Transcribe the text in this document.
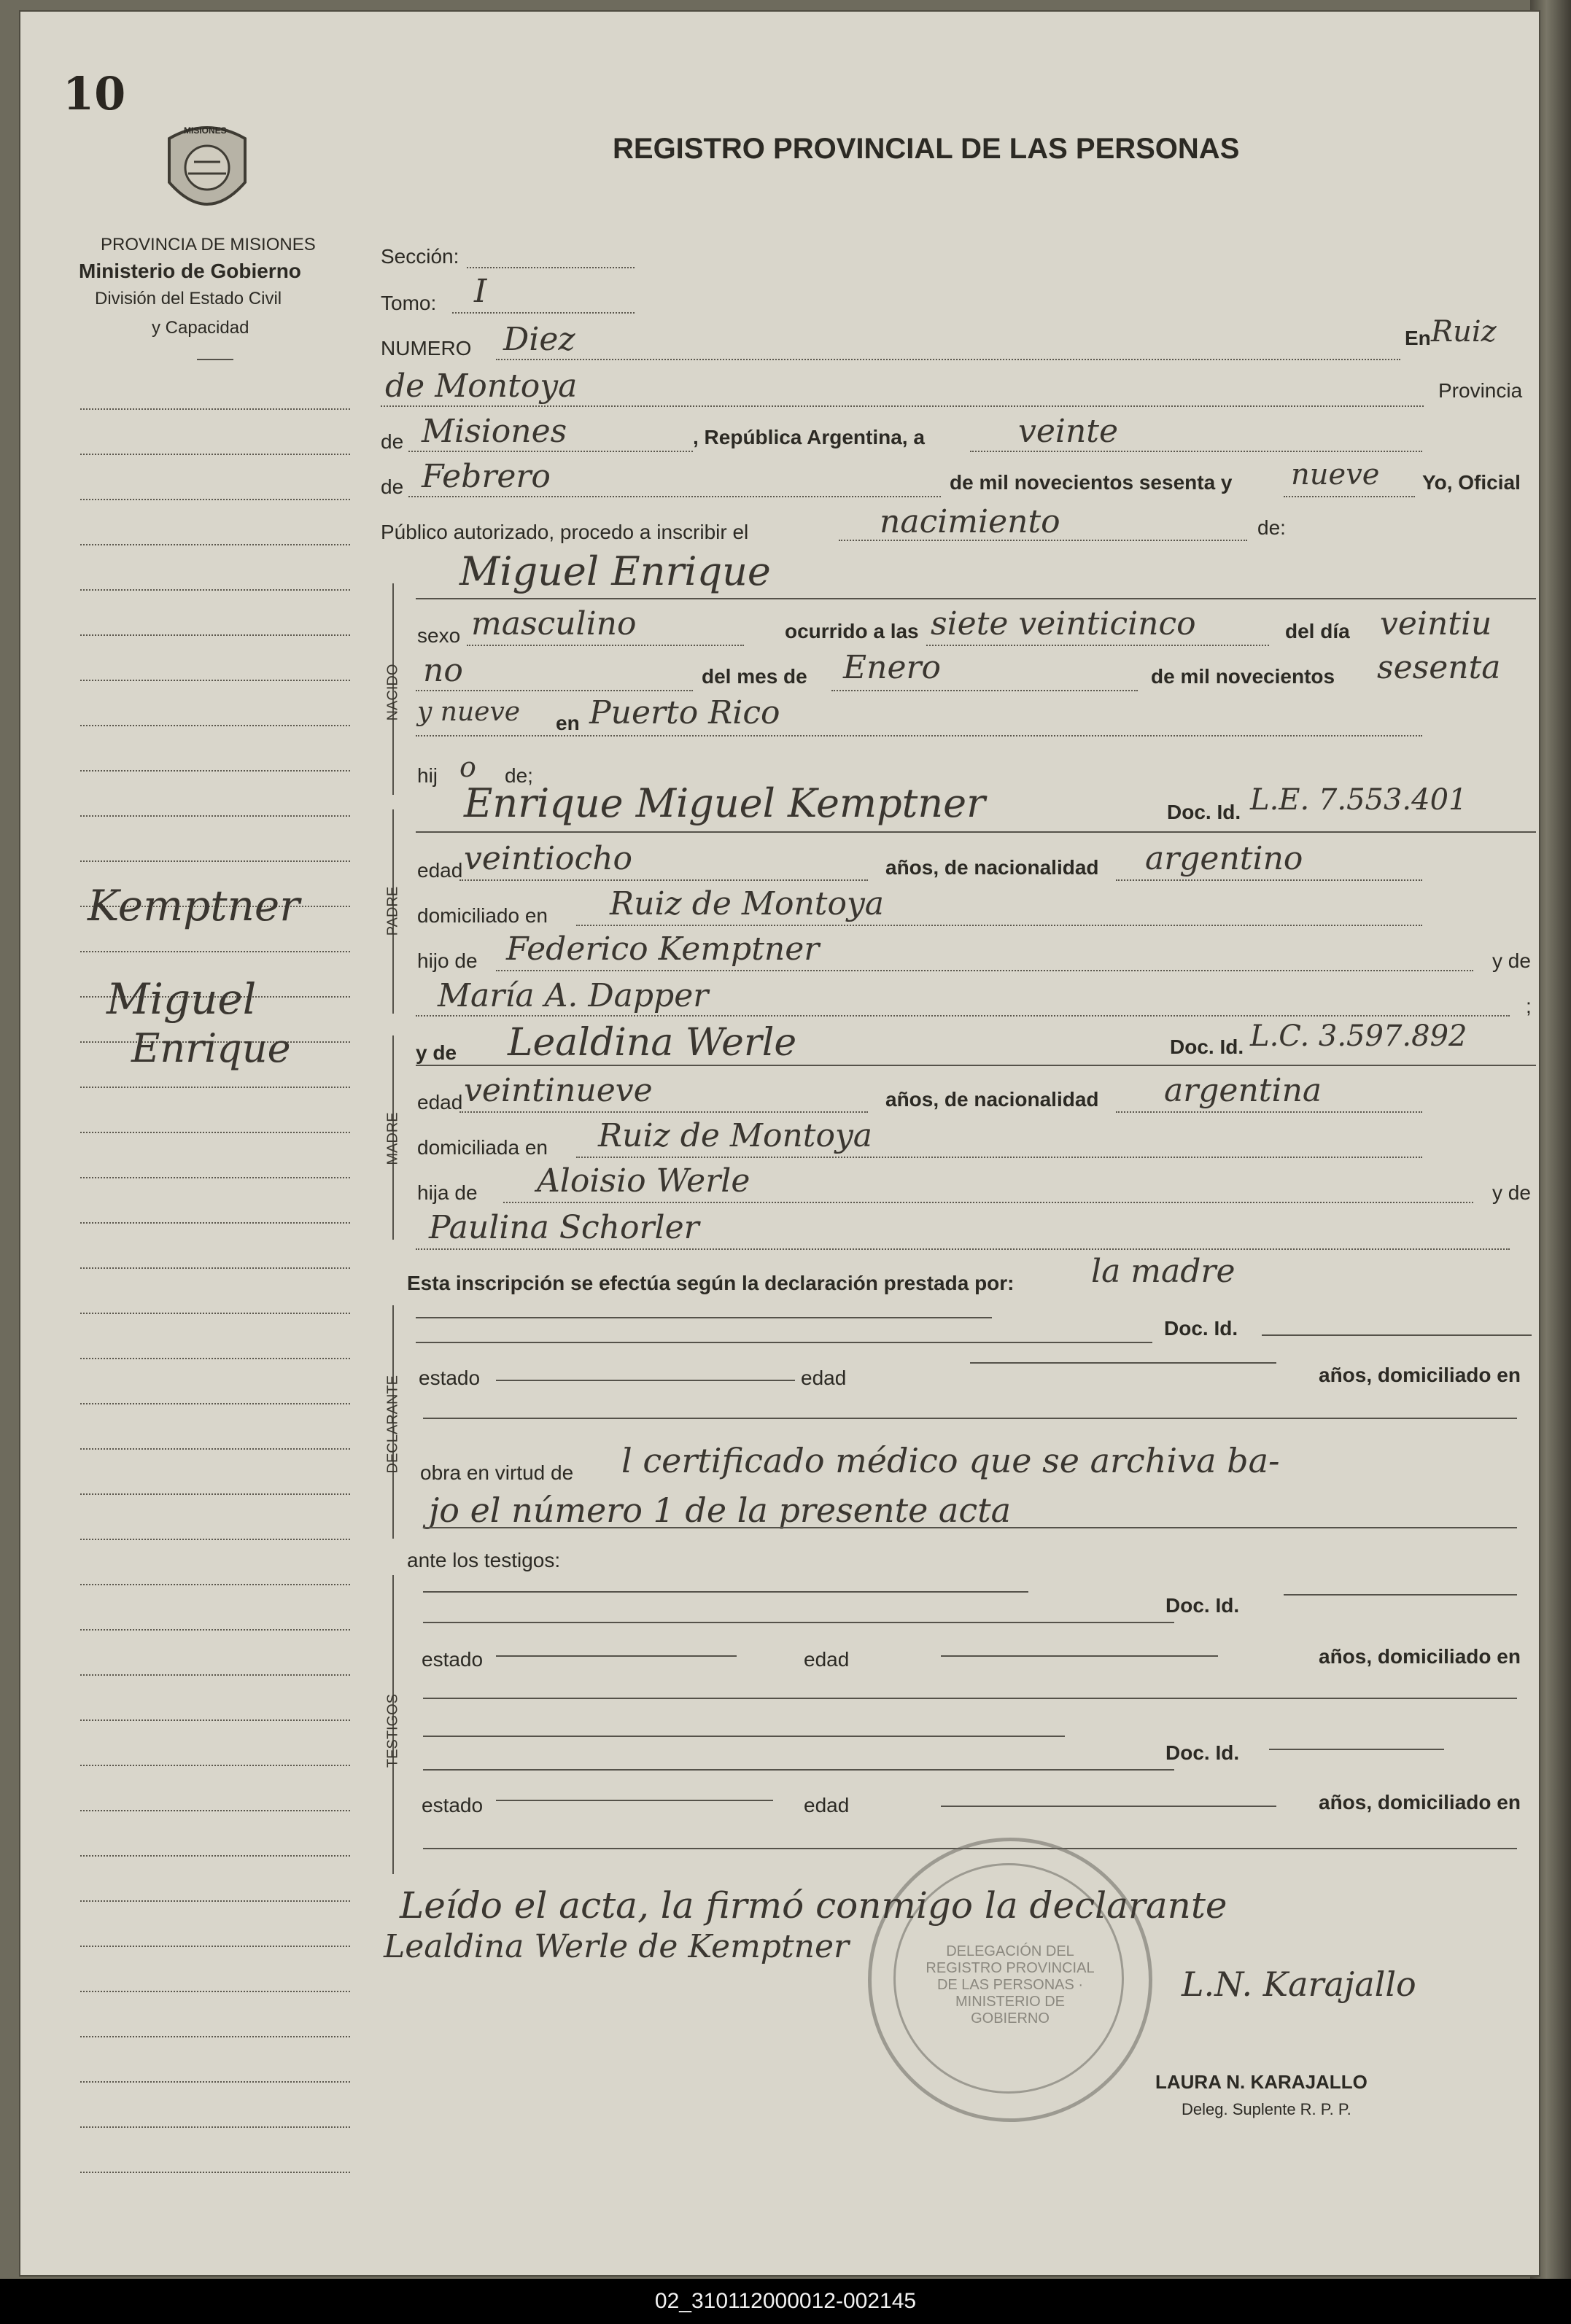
10
REGISTRO PROVINCIAL DE LAS PERSONAS
MISIONES
PROVINCIA DE MISIONES
Ministerio de Gobierno
División del Estado Civil
y Capacidad
Kemptner
Miguel
Enrique
Sección:
Tomo: I
NUMERO Diez	En Ruiz
de Montoya	Provincia
de Misiones	, República Argentina, a	veinte
de Febrero	de mil novecientos sesenta y nueve Yo, Oficial
Público autorizado, procedo a inscribir el	nacimiento	de:
NACIDO
Miguel Enrique
sexo masculino	ocurrido a las siete veinticinco	del día veintiu
no	del mes de Enero	de mil novecientos sesenta
y nueve en Puerto Rico
hij o de;
PADRE
Enrique Miguel Kemptner	Doc. Id. L.E. 7.553.401
edad veintiocho	años, de nacionalidad argentino
domiciliado en Ruiz de Montoya
hijo de Federico Kemptner	y de
María A. Dapper	;
MADRE
y de Lealdina Werle	Doc. Id. L.C. 3.597.892
edad veintinueve	años, de nacionalidad argentina
domiciliada en Ruiz de Montoya
hija de Aloisio Werle	y de
Paulina Schorler
Esta inscripción se efectúa según la declaración prestada por: la madre
DECLARANTE
Doc. Id.
estado	edad	años, domiciliado en
obra en virtud de l certificado médico que se archiva ba-
jo el número 1 de la presente acta
ante los testigos:
TESTIGOS
Doc. Id.
estado	edad	años, domiciliado en
Doc. Id.
estado	edad	años, domiciliado en
DELEGACIÓN DEL REGISTRO PROVINCIAL DE LAS PERSONAS · MINISTERIO DE GOBIERNO
Leído el acta, la firmó conmigo la declarante
Lealdina Werle de Kemptner
L.N. Karajallo
LAURA N. KARAJALLO
Deleg. Suplente R. P. P.
02_310112000012-002145
